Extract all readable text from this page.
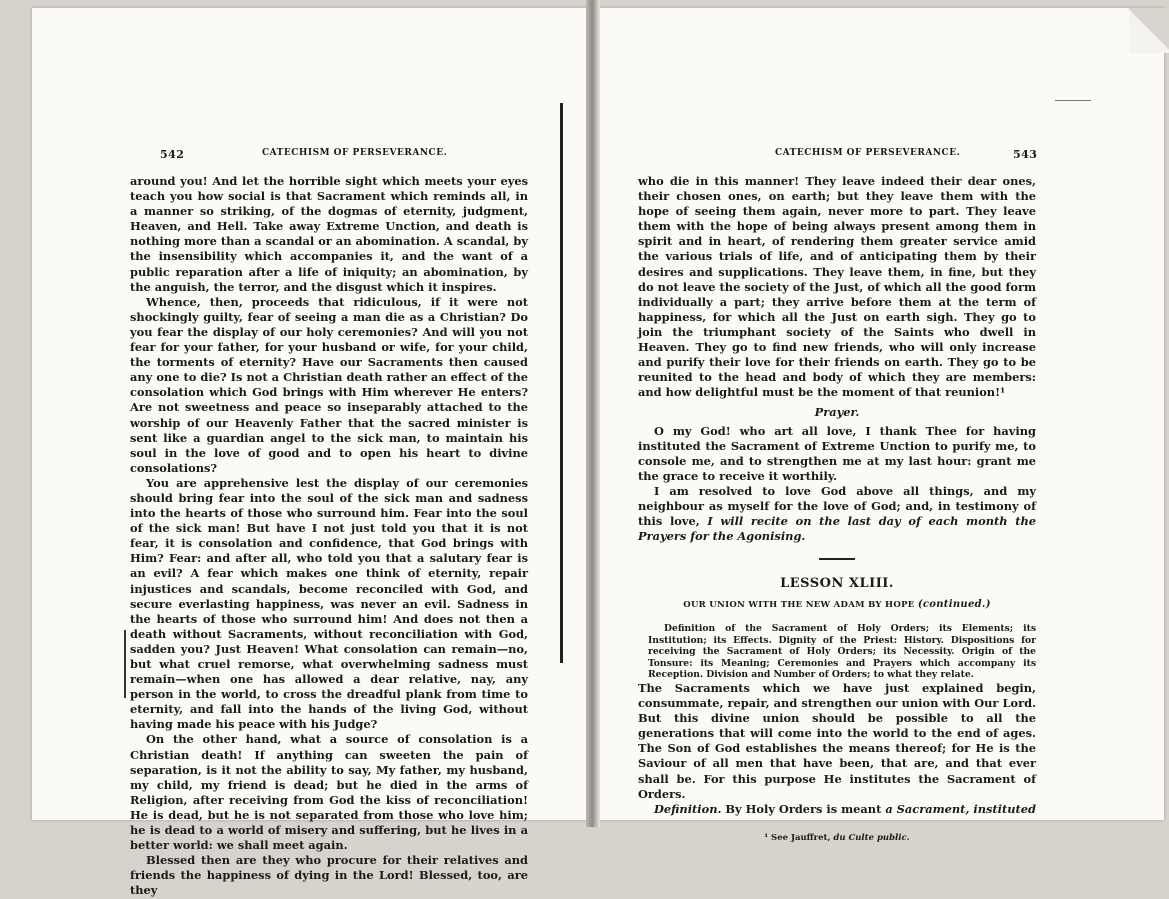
542	CATECHISM OF PERSEVERANCE.

around you! And let the horrible sight which meets your eyes teach you how social is that Sacrament which reminds all, in a manner so striking, of the dogmas of eternity, judgment, Heaven, and Hell. Take away Extreme Unction, and death is nothing more than a scandal or an abomination. A scandal, by the insensibility which accompanies it, and the want of a public reparation after a life of iniquity; an abomination, by the anguish, the terror, and the disgust which it inspires.

Whence, then, proceeds that ridiculous, if it were not shockingly guilty, fear of seeing a man die as a Christian? Do you fear the display of our holy ceremonies? And will you not fear for your father, for your husband or wife, for your child, the torments of eternity? Have our Sacraments then caused any one to die? Is not a Christian death rather an effect of the consolation which God brings with Him wherever He enters? Are not sweetness and peace so inseparably attached to the worship of our Heavenly Father that the sacred minister is sent like a guardian angel to the sick man, to maintain his soul in the love of good and to open his heart to divine consolations?

You are apprehensive lest the display of our ceremonies should bring fear into the soul of the sick man and sadness into the hearts of those who surround him. Fear into the soul of the sick man! But have I not just told you that it is not fear, it is consolation and confidence, that God brings with Him? Fear: and after all, who told you that a salutary fear is an evil? A fear which makes one think of eternity, repair injustices and scandals, become reconciled with God, and secure everlasting happiness, was never an evil. Sadness in the hearts of those who surround him! And does not then a death without Sacraments, without reconciliation with God, sadden you? Just Heaven! What consolation can remain—no, but what cruel remorse, what overwhelming sadness must remain—when one has allowed a dear relative, nay, any person in the world, to cross the dreadful plank from time to eternity, and fall into the hands of the living God, without having made his peace with his Judge?

On the other hand, what a source of consolation is a Christian death! If anything can sweeten the pain of separation, is it not the ability to say, My father, my husband, my child, my friend is dead; but he died in the arms of Religion, after receiving from God the kiss of reconciliation! He is dead, but he is not separated from those who love him; he is dead to a world of misery and suffering, but he lives in a better world: we shall meet again.

Blessed then are they who procure for their relatives and friends the happiness of dying in the Lord! Blessed, too, are they

CATECHISM OF PERSEVERANCE.	543

who die in this manner! They leave indeed their dear ones, their chosen ones, on earth; but they leave them with the hope of seeing them again, never more to part. They leave them with the hope of being always present among them in spirit and in heart, of rendering them greater service amid the various trials of life, and of anticipating them by their desires and supplications. They leave them, in fine, but they do not leave the society of the Just, of which all the good form individually a part; they arrive before them at the term of happiness, for which all the Just on earth sigh. They go to join the triumphant society of the Saints who dwell in Heaven. They go to find new friends, who will only increase and purify their love for their friends on earth. They go to be reunited to the head and body of which they are members: and how delightful must be the moment of that reunion!¹

Prayer.

O my God! who art all love, I thank Thee for having instituted the Sacrament of Extreme Unction to purify me, to console me, and to strengthen me at my last hour: grant me the grace to receive it worthily.

I am resolved to love God above all things, and my neighbour as myself for the love of God; and, in testimony of this love, I will recite on the last day of each month the Prayers for the Agonising.

LESSON XLIII.
OUR UNION WITH THE NEW ADAM BY HOPE (continued.)

Definition of the Sacrament of Holy Orders; its Elements; its Institution; its Effects. Dignity of the Priest: History. Dispositions for receiving the Sacrament of Holy Orders; its Necessity. Origin of the Tonsure: its Meaning; Ceremonies and Prayers which accompany its Reception. Division and Number of Orders; to what they relate.

The Sacraments which we have just explained begin, consummate, repair, and strengthen our union with Our Lord. But this divine union should be possible to all the generations that will come into the world to the end of ages. The Son of God establishes the means thereof; for He is the Saviour of all men that have been, that are, and that ever shall be. For this purpose He institutes the Sacrament of Orders.

Definition. By Holy Orders is meant a Sacrament, instituted

¹ See Jauffret, du Culte public.
